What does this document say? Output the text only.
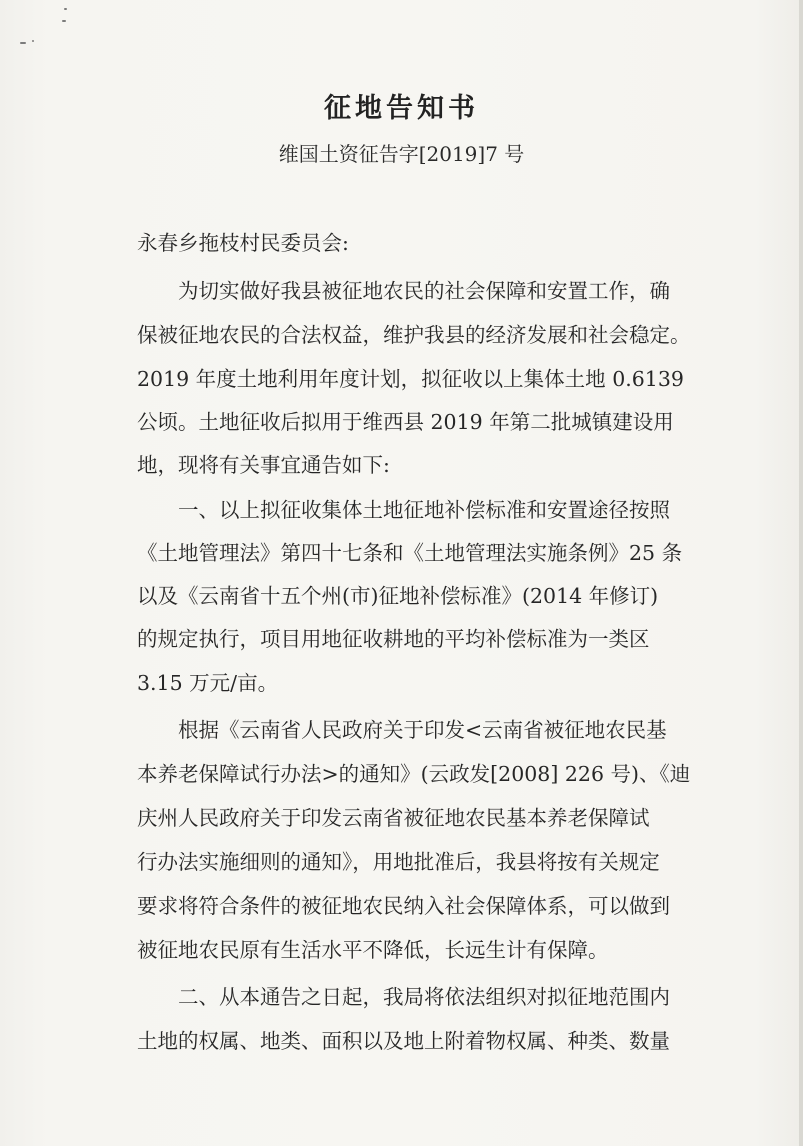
征地告知书
维国土资征告字[2019]7 号
永春乡拖枝村民委员会:
　　为切实做好我县被征地农民的社会保障和安置工作，确
保被征地农民的合法权益，维护我县的经济发展和社会稳定。
2019 年度土地利用年度计划，拟征收以上集体土地 0.6139
公顷。土地征收后拟用于维西县 2019 年第二批城镇建设用
地，现将有关事宜通告如下:
　　一、以上拟征收集体土地征地补偿标准和安置途径按照
《土地管理法》第四十七条和《土地管理法实施条例》25 条
以及《云南省十五个州(市)征地补偿标准》(2014 年修订)
的规定执行，项目用地征收耕地的平均补偿标准为一类区
3.15 万元/亩。
　　根据《云南省人民政府关于印发<云南省被征地农民基
本养老保障试行办法>的通知》(云政发[2008] 226 号)、《迪
庆州人民政府关于印发云南省被征地农民基本养老保障试
行办法实施细则的通知》，用地批准后，我县将按有关规定
要求将符合条件的被征地农民纳入社会保障体系，可以做到
被征地农民原有生活水平不降低，长远生计有保障。
　　二、从本通告之日起，我局将依法组织对拟征地范围内
土地的权属、地类、面积以及地上附着物权属、种类、数量
